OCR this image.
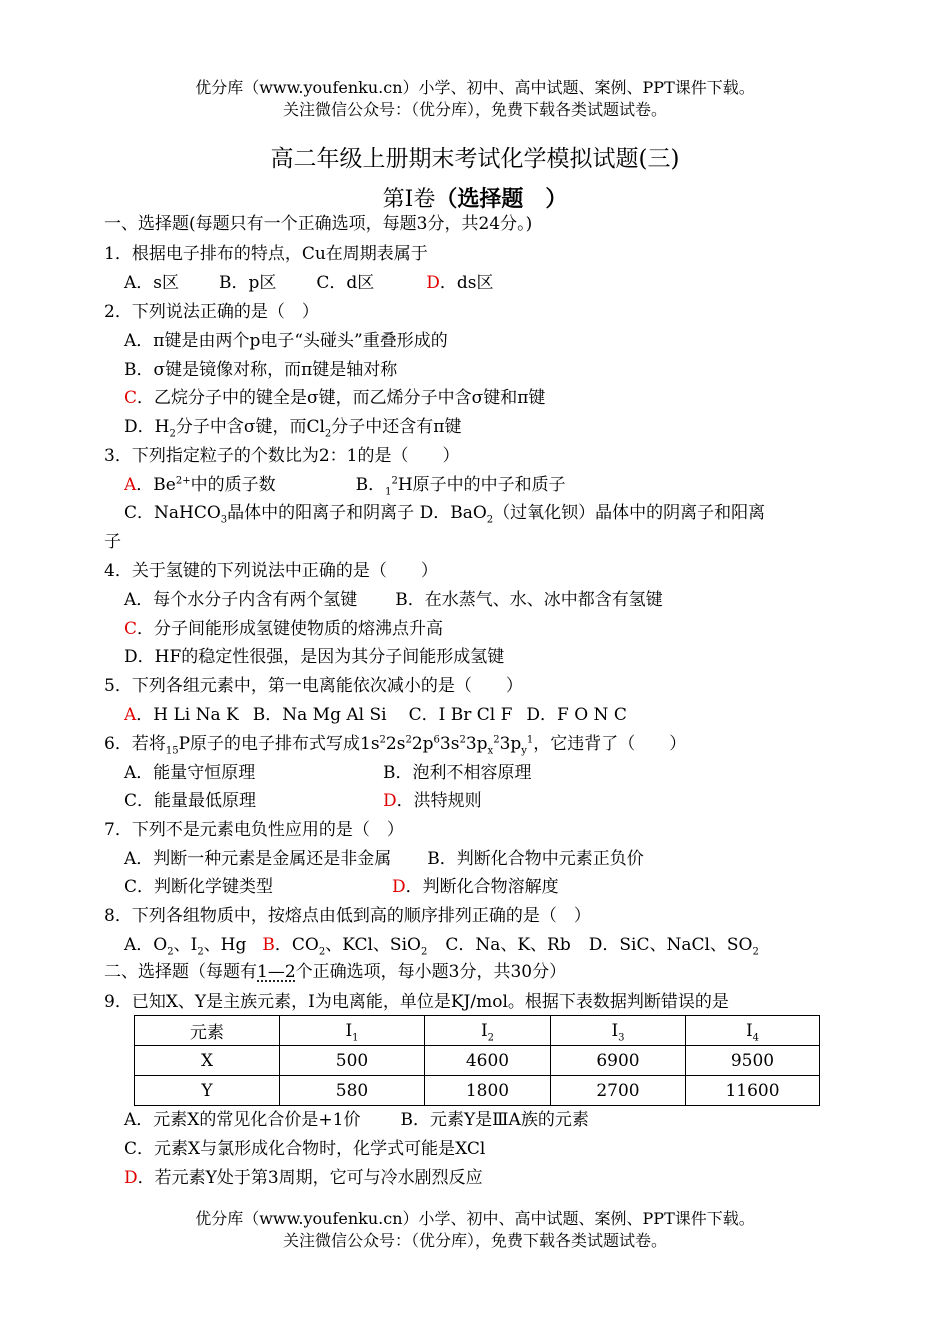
优分库（www.youfenku.cn）小学、初中、高中试题、案例、PPT课件下载。
关注微信公众号：（优分库），免费下载各类试题试卷。
高二年级上册期末考试化学模拟试题(三)
第Ⅰ卷（选择题　）
一、选择题(每题只有一个正确选项，每题3分，共24分。)
1．根据电子排布的特点，Cu在周期表属于
A．s区 B．p区 C．d区	D．ds区
2．下列说法正确的是（　）
A．π键是由两个p电子“头碰头”重叠形成的
B．σ键是镜像对称，而π键是轴对称
C．乙烷分子中的键全是σ键，而乙烯分子中含σ键和π键
D．$H_2$分子中含σ键，而$Cl_2$分子中还含有π键
3．下列指定粒子的个数比为2：1的是（　　）
A．$Be^{2+}$中的质子数	B．$_1^2$H原子中的中子和质子
C．NaHCO$_3$晶体中的阳离子和阴离子 D．BaO$_2$（过氧化钡）晶体中的阴离子和阳离
子
4．关于氢键的下列说法中正确的是（　　）
A．每个水分子内含有两个氢键 B．在水蒸气、水、冰中都含有氢键
C．分子间能形成氢键使物质的熔沸点升高
D．HF的稳定性很强，是因为其分子间能形成氢键
5．下列各组元素中，第一电离能依次减小的是（　　）
A．H Li Na K B．Na Mg Al Si C．I Br Cl F D．F O N C
6．若将$_{15}$P原子的电子排布式写成$1s^22s^22p^63s^23p_x^23p_y^1$，它违背了（　　）
A．能量守恒原理	B．泡利不相容原理
C．能量最低原理	D．洪特规则
7．下列不是元素电负性应用的是（　）
A．判断一种元素是金属还是非金属 B．判断化合物中元素正负价
C．判断化学键类型	D．判断化合物溶解度
8．下列各组物质中，按熔点由低到高的顺序排列正确的是（　）
A．$O_2$、$I_2$、Hg B．$CO_2$、KCl、SiO$_2$ C．Na、K、Rb D．SiC、NaCl、$SO_2$
二、选择题（每题有1—2个正确选项，每小题3分，共30分）
9．已知X、Y是主族元素，I为电离能，单位是KJ/mol。根据下表数据判断错误的是
元素	$I_1$	$I_2$	$I_3$	$I_4$
X	500	4600	6900	9500
Y	580	1800	2700	11600
A．元素X的常见化合价是+1价 B．元素Y是ⅢA族的元素
C．元素X与氯形成化合物时，化学式可能是XCl
D．若元素Y处于第3周期，它可与冷水剧烈反应
优分库（www.youfenku.cn）小学、初中、高中试题、案例、PPT课件下载。
关注微信公众号：（优分库），免费下载各类试题试卷。
